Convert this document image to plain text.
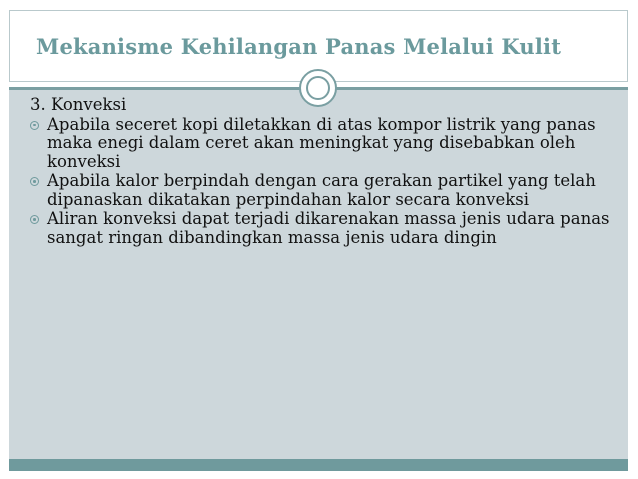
Mekanisme Kehilangan Panas Melalui Kulit
3. Konveksi
Apabila seceret kopi diletakkan di atas kompor listrik yang panas maka enegi dalam ceret akan meningkat yang disebabkan oleh konveksi
Apabila kalor berpindah dengan cara gerakan partikel yang telah dipanaskan dikatakan perpindahan kalor secara konveksi
Aliran konveksi dapat terjadi dikarenakan massa jenis udara panas sangat ringan dibandingkan massa jenis udara dingin
